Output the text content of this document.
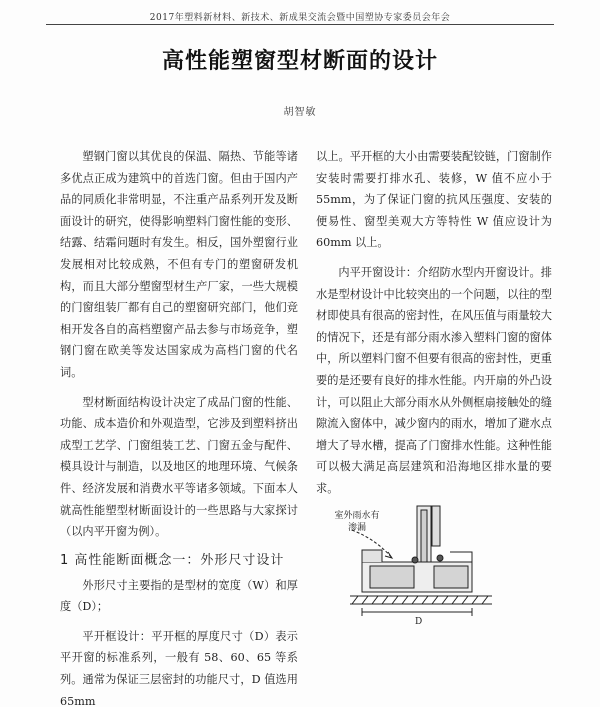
2017年塑料新材料、新技术、新成果交流会暨中国塑协专家委员会年会
高性能塑窗型材断面的设计
胡智敏

塑钢门窗以其优良的保温、隔热、节能等诸多优点正成为建筑中的首选门窗。但由于国内产品的同质化非常明显，不注重产品系列开发及断面设计的研究，使得影响塑料门窗性能的变形、结露、结霜问题时有发生。相反，国外塑窗行业发展相对比较成熟，不但有专门的塑窗研发机构，而且大部分塑窗型材生产厂家，一些大规模的门窗组装厂都有自己的塑窗研究部门，他们竞相开发各自的高档塑窗产品去参与市场竞争，塑钢门窗在欧美等发达国家成为高档门窗的代名词。

型材断面结构设计决定了成品门窗的性能、功能、成本造价和外观造型，它涉及到塑料挤出成型工艺学、门窗组装工艺、门窗五金与配件、模具设计与制造，以及地区的地理环境、气候条件、经济发展和消费水平等诸多领域。下面本人就高性能塑型材断面设计的一些思路与大家探讨（以内平开窗为例）。

1 高性能断面概念一：外形尺寸设计

外形尺寸主要指的是型材的宽度（W）和厚度（D）；

平开框设计：平开框的厚度尺寸（D）表示平开窗的标准系列，一般有 58、60、65 等系列。通常为保证三层密封的功能尺寸，D 值选用 65mm

以上。平开框的大小由需要装配铰链，门窗制作安装时需要打排水孔、装修，W 值不应小于 55mm，为了保证门窗的抗风压强度、安装的便易性、窗型美观大方等特性 W 值应设计为 60mm 以上。

内平开窗设计：介绍防水型内开窗设计。排水是型材设计中比较突出的一个问题，以往的型材即使具有很高的密封性，在风压值与雨量较大的情况下，还是有部分雨水渗入塑料门窗的窗体中，所以塑料门窗不但要有很高的密封性，更重要的是还要有良好的排水性能。内开扇的外凸设计，可以阻止大部分雨水从外侧框扇接触处的缝隙流入窗体中，减少窗内的雨水，增加了避水点增大了导水槽，提高了门窗排水性能。这种性能可以极大满足高层建筑和沿海地区排水量的要求。

D
室外雨水有渗漏
